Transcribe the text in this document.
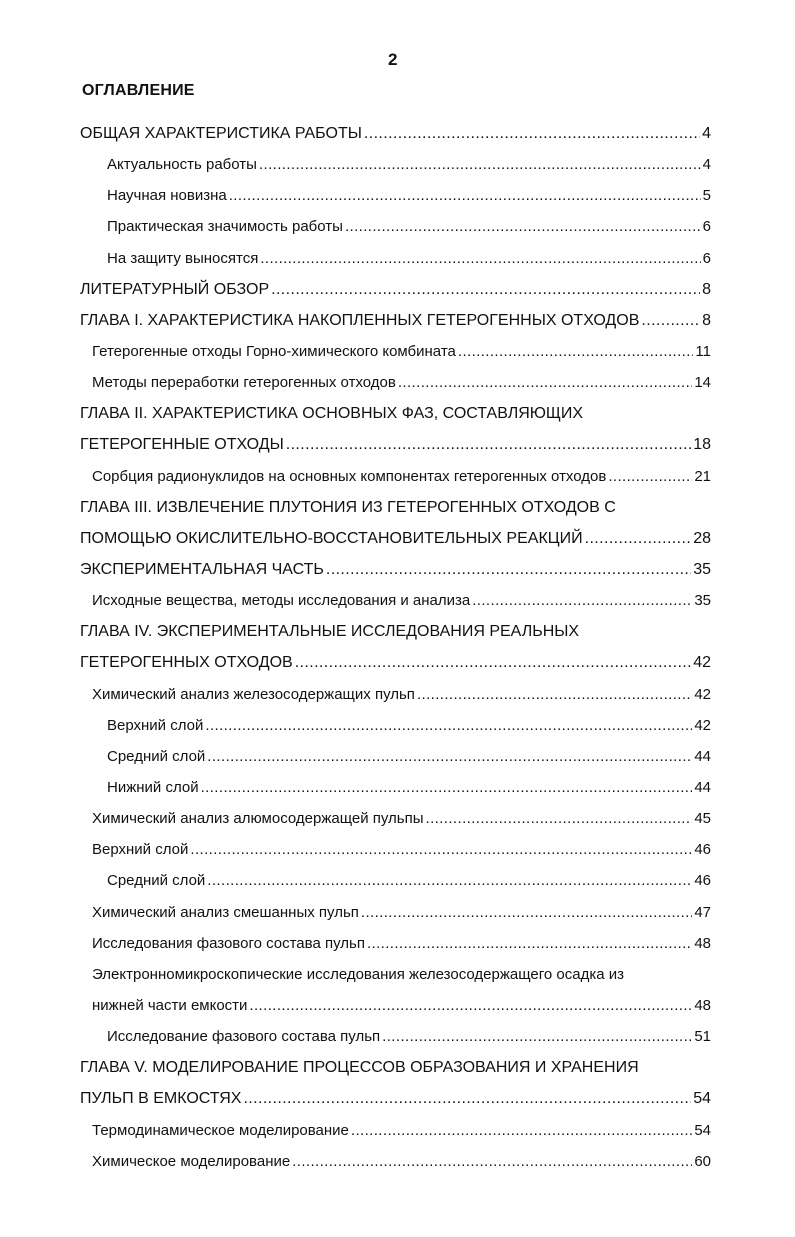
2
ОГЛАВЛЕНИЕ
ОБЩАЯ ХАРАКТЕРИСТИКА РАБОТЫ .....	4
Актуальность работы .....	4
Научная новизна .....	5
Практическая значимость работы .....	6
На защиту выносятся .....	6
ЛИТЕРАТУРНЫЙ ОБЗОР .....	8
ГЛАВА I. ХАРАКТЕРИСТИКА НАКОПЛЕННЫХ ГЕТЕРОГЕННЫХ ОТХОДОВ .....	8
Гетерогенные отходы Горно-химического комбината .....	11
Методы переработки гетерогенных отходов .....	14
ГЛАВА II. ХАРАКТЕРИСТИКА ОСНОВНЫХ ФАЗ, СОСТАВЛЯЮЩИХ
ГЕТЕРОГЕННЫЕ ОТХОДЫ .....	18
Сорбция радионуклидов на основных компонентах гетерогенных отходов .....	21
ГЛАВА III. ИЗВЛЕЧЕНИЕ ПЛУТОНИЯ ИЗ ГЕТЕРОГЕННЫХ ОТХОДОВ С
ПОМОЩЬЮ ОКИСЛИТЕЛЬНО-ВОССТАНОВИТЕЛЬНЫХ РЕАКЦИЙ .....	28
ЭКСПЕРИМЕНТАЛЬНАЯ ЧАСТЬ .....	35
Исходные вещества, методы исследования и анализа .....	35
ГЛАВА IV. ЭКСПЕРИМЕНТАЛЬНЫЕ ИССЛЕДОВАНИЯ РЕАЛЬНЫХ
ГЕТЕРОГЕННЫХ ОТХОДОВ .....	42
Химический анализ железосодержащих пульп .....	42
Верхний слой .....	42
Средний слой .....	44
Нижний слой .....	44
Химический анализ алюмосодержащей пульпы .....	45
Верхний слой .....	46
Средний слой .....	46
Химический анализ смешанных пульп .....	47
Исследования фазового состава пульп .....	48
Электронномикроскопические исследования железосодержащего осадка из
нижней части емкости .....	48
Исследование фазового состава пульп .....	51
ГЛАВА V. МОДЕЛИРОВАНИЕ ПРОЦЕССОВ ОБРАЗОВАНИЯ И ХРАНЕНИЯ
ПУЛЬП В ЕМКОСТЯХ .....	54
Термодинамическое моделирование .....	54
Химическое моделирование .....	60
